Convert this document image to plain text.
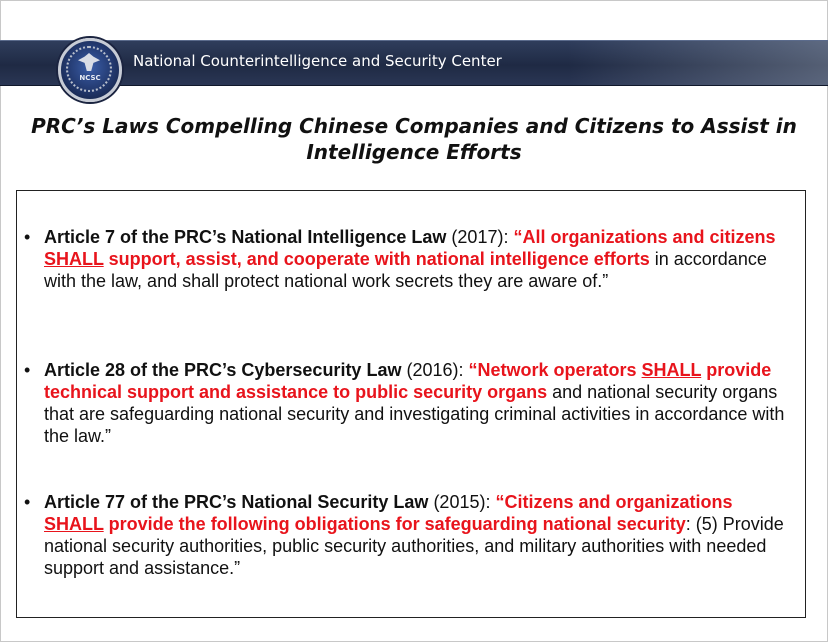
NCSC
National Counterintelligence and Security Center
PRC’s Laws Compelling Chinese Companies and Citizens to Assist in
Intelligence Efforts
• Article 7 of the PRC’s National Intelligence Law (2017): “All organizations and citizens SHALL support, assist, and cooperate with national intelligence efforts in accordance with the law, and shall protect national work secrets they are aware of.”
• Article 28 of the PRC’s Cybersecurity Law (2016): “Network operators SHALL provide technical support and assistance to public security organs and national security organs that are safeguarding national security and investigating criminal activities in accordance with the law.”
• Article 77 of the PRC’s National Security Law (2015): “Citizens and organizations SHALL provide the following obligations for safeguarding national security: (5) Provide national security authorities, public security authorities, and military authorities with needed support and assistance.”
